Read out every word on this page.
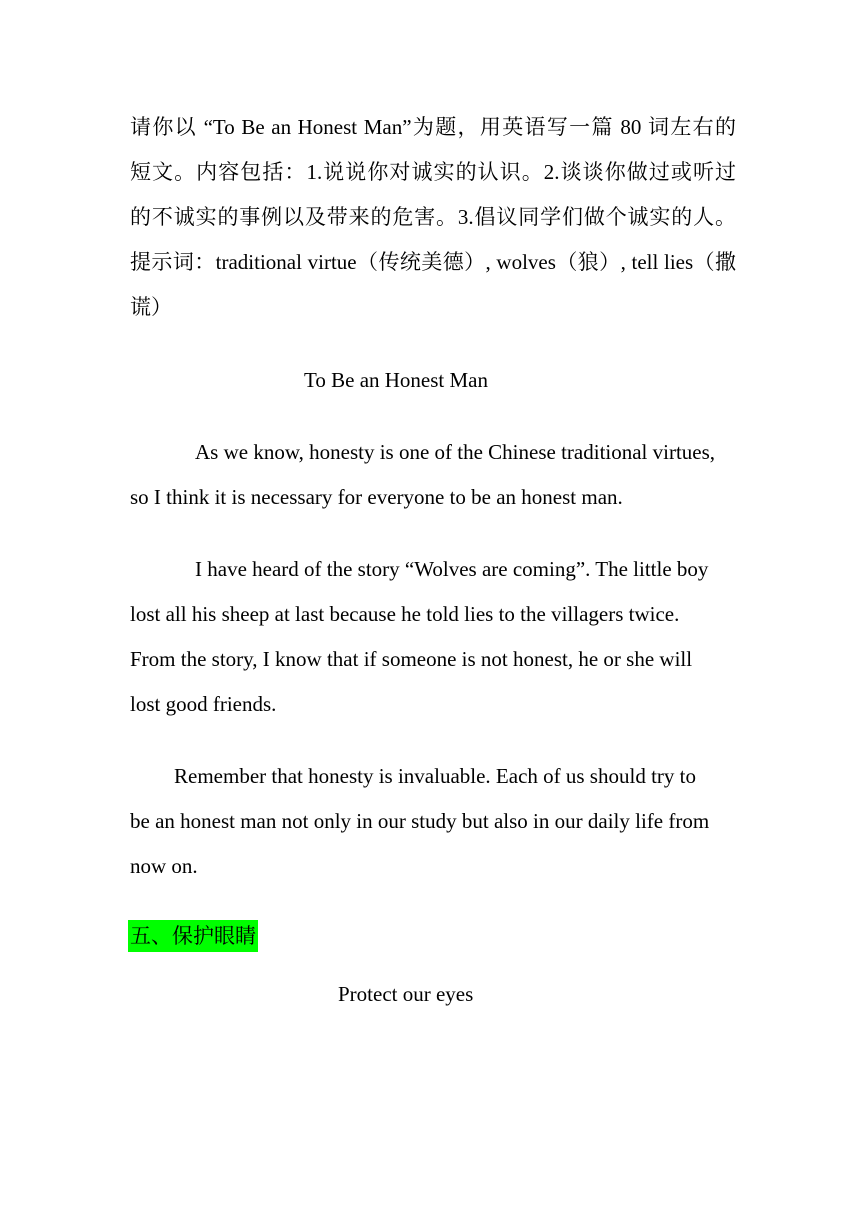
请你以 “To Be an Honest Man”为题，用英语写一篇 80 词左右的
短文。内容包括：1.说说你对诚实的认识。2.谈谈你做过或听过
的不诚实的事例以及带来的危害。3.倡议同学们做个诚实的人。
提示词：traditional virtue（传统美德）, wolves（狼）, tell lies（撒
谎）
To Be an Honest Man
As we know, honesty is one of the Chinese traditional virtues,
so I think it is necessary for everyone to be an honest man.
I have heard of the story “Wolves are coming”. The little boy
lost all his sheep at last because he told lies to the villagers twice.
From the story, I know that if someone is not honest, he or she will
lost good friends.
Remember that honesty is invaluable. Each of us should try to
be an honest man not only in our study but also in our daily life from
now on.
五、保护眼睛
Protect our eyes
